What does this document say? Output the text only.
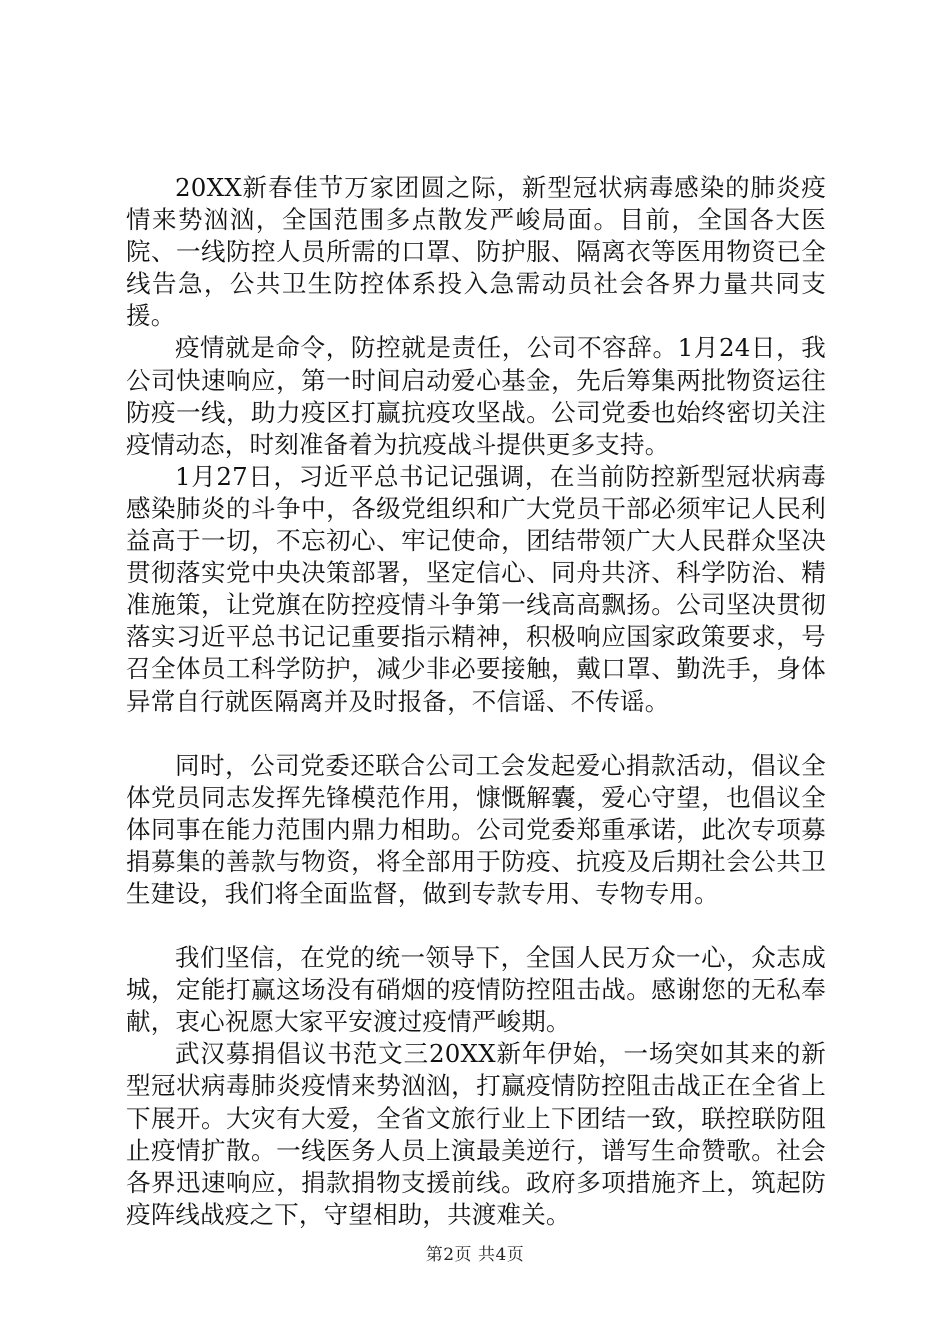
20XX新春佳节万家团圆之际，新型冠状病毒感染的肺炎疫情来势汹汹，全国范围多点散发严峻局面。目前，全国各大医院、一线防控人员所需的口罩、防护服、隔离衣等医用物资已全线告急，公共卫生防控体系投入急需动员社会各界力量共同支援。

疫情就是命令，防控就是责任，公司不容辞。1月24日，我公司快速响应，第一时间启动爱心基金，先后筹集两批物资运往防疫一线，助力疫区打赢抗疫攻坚战。公司党委也始终密切关注疫情动态，时刻准备着为抗疫战斗提供更多支持。

1月27日，习近平总书记记强调，在当前防控新型冠状病毒感染肺炎的斗争中，各级党组织和广大党员干部必须牢记人民利益高于一切，不忘初心、牢记使命，团结带领广大人民群众坚决贯彻落实党中央决策部署，坚定信心、同舟共济、科学防治、精准施策，让党旗在防控疫情斗争第一线高高飘扬。公司坚决贯彻落实习近平总书记记重要指示精神，积极响应国家政策要求，号召全体员工科学防护，减少非必要接触，戴口罩、勤洗手，身体异常自行就医隔离并及时报备，不信谣、不传谣。

同时，公司党委还联合公司工会发起爱心捐款活动，倡议全体党员同志发挥先锋模范作用，慷慨解囊，爱心守望，也倡议全体同事在能力范围内鼎力相助。公司党委郑重承诺，此次专项募捐募集的善款与物资，将全部用于防疫、抗疫及后期社会公共卫生建设，我们将全面监督，做到专款专用、专物专用。

我们坚信，在党的统一领导下，全国人民万众一心，众志成城，定能打赢这场没有硝烟的疫情防控阻击战。感谢您的无私奉献，衷心祝愿大家平安渡过疫情严峻期。

武汉募捐倡议书范文三20XX新年伊始，一场突如其来的新型冠状病毒肺炎疫情来势汹汹，打赢疫情防控阻击战正在全省上下展开。大灾有大爱，全省文旅行业上下团结一致，联控联防阻止疫情扩散。一线医务人员上演最美逆行，谱写生命赞歌。社会各界迅速响应，捐款捐物支援前线。政府多项措施齐上，筑起防疫阵线战疫之下，守望相助，共渡难关。

第2页 共4页
